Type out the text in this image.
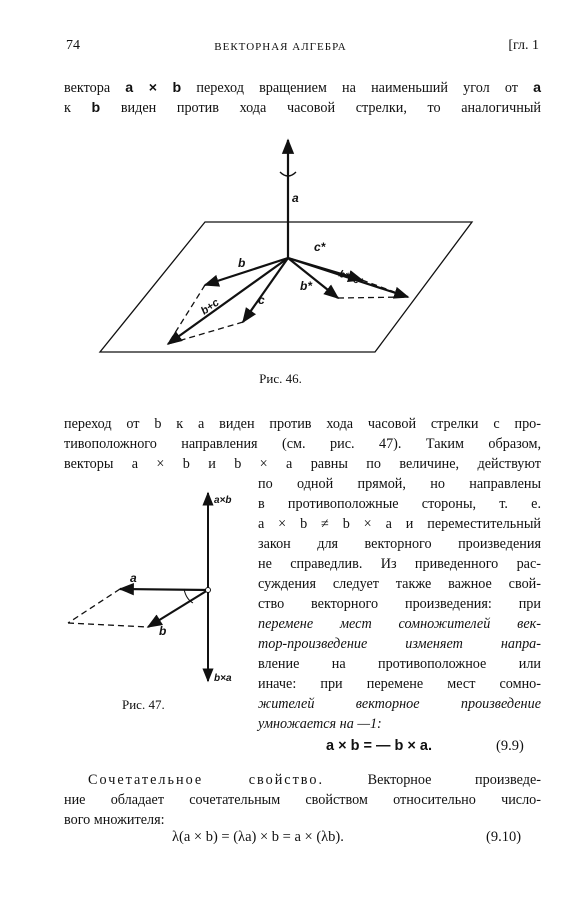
74	ВЕКТОРНАЯ АЛГЕБРА	[гл. 1
вектора a × b переход вращением на наименьший угол от a
к b виден против хода часовой стрелки, то аналогичный
a
b
c
b+c
c*
b* b*+c*
Рис. 46.
переход от b к a виден против хода часовой стрелки с про-
тивоположного направления (см. рис. 47). Таким образом,
векторы a × b и b × a равны по величине, действуют
a
b
a×b
b×a
Рис. 47.
по одной прямой, но направлены
в противоположные стороны, т. е.
a × b ≠ b × a и переместительный
закон для векторного произведения
не справедлив. Из приведенного рас-
суждения следует также важное свой-
ство векторного произведения: при
перемене мест сомножителей век-
тор-произведение изменяет напра-
вление на противоположное или
иначе: при перемене мест сомно-
жителей векторное произведение
умножается на —1:
a × b = — b × a.	(9.9)
Сочетательное свойство. Векторное произведе-
ние обладает сочетательным свойством относительно число-
вого множителя:
λ(a × b) = (λa) × b = a × (λb).	(9.10)
